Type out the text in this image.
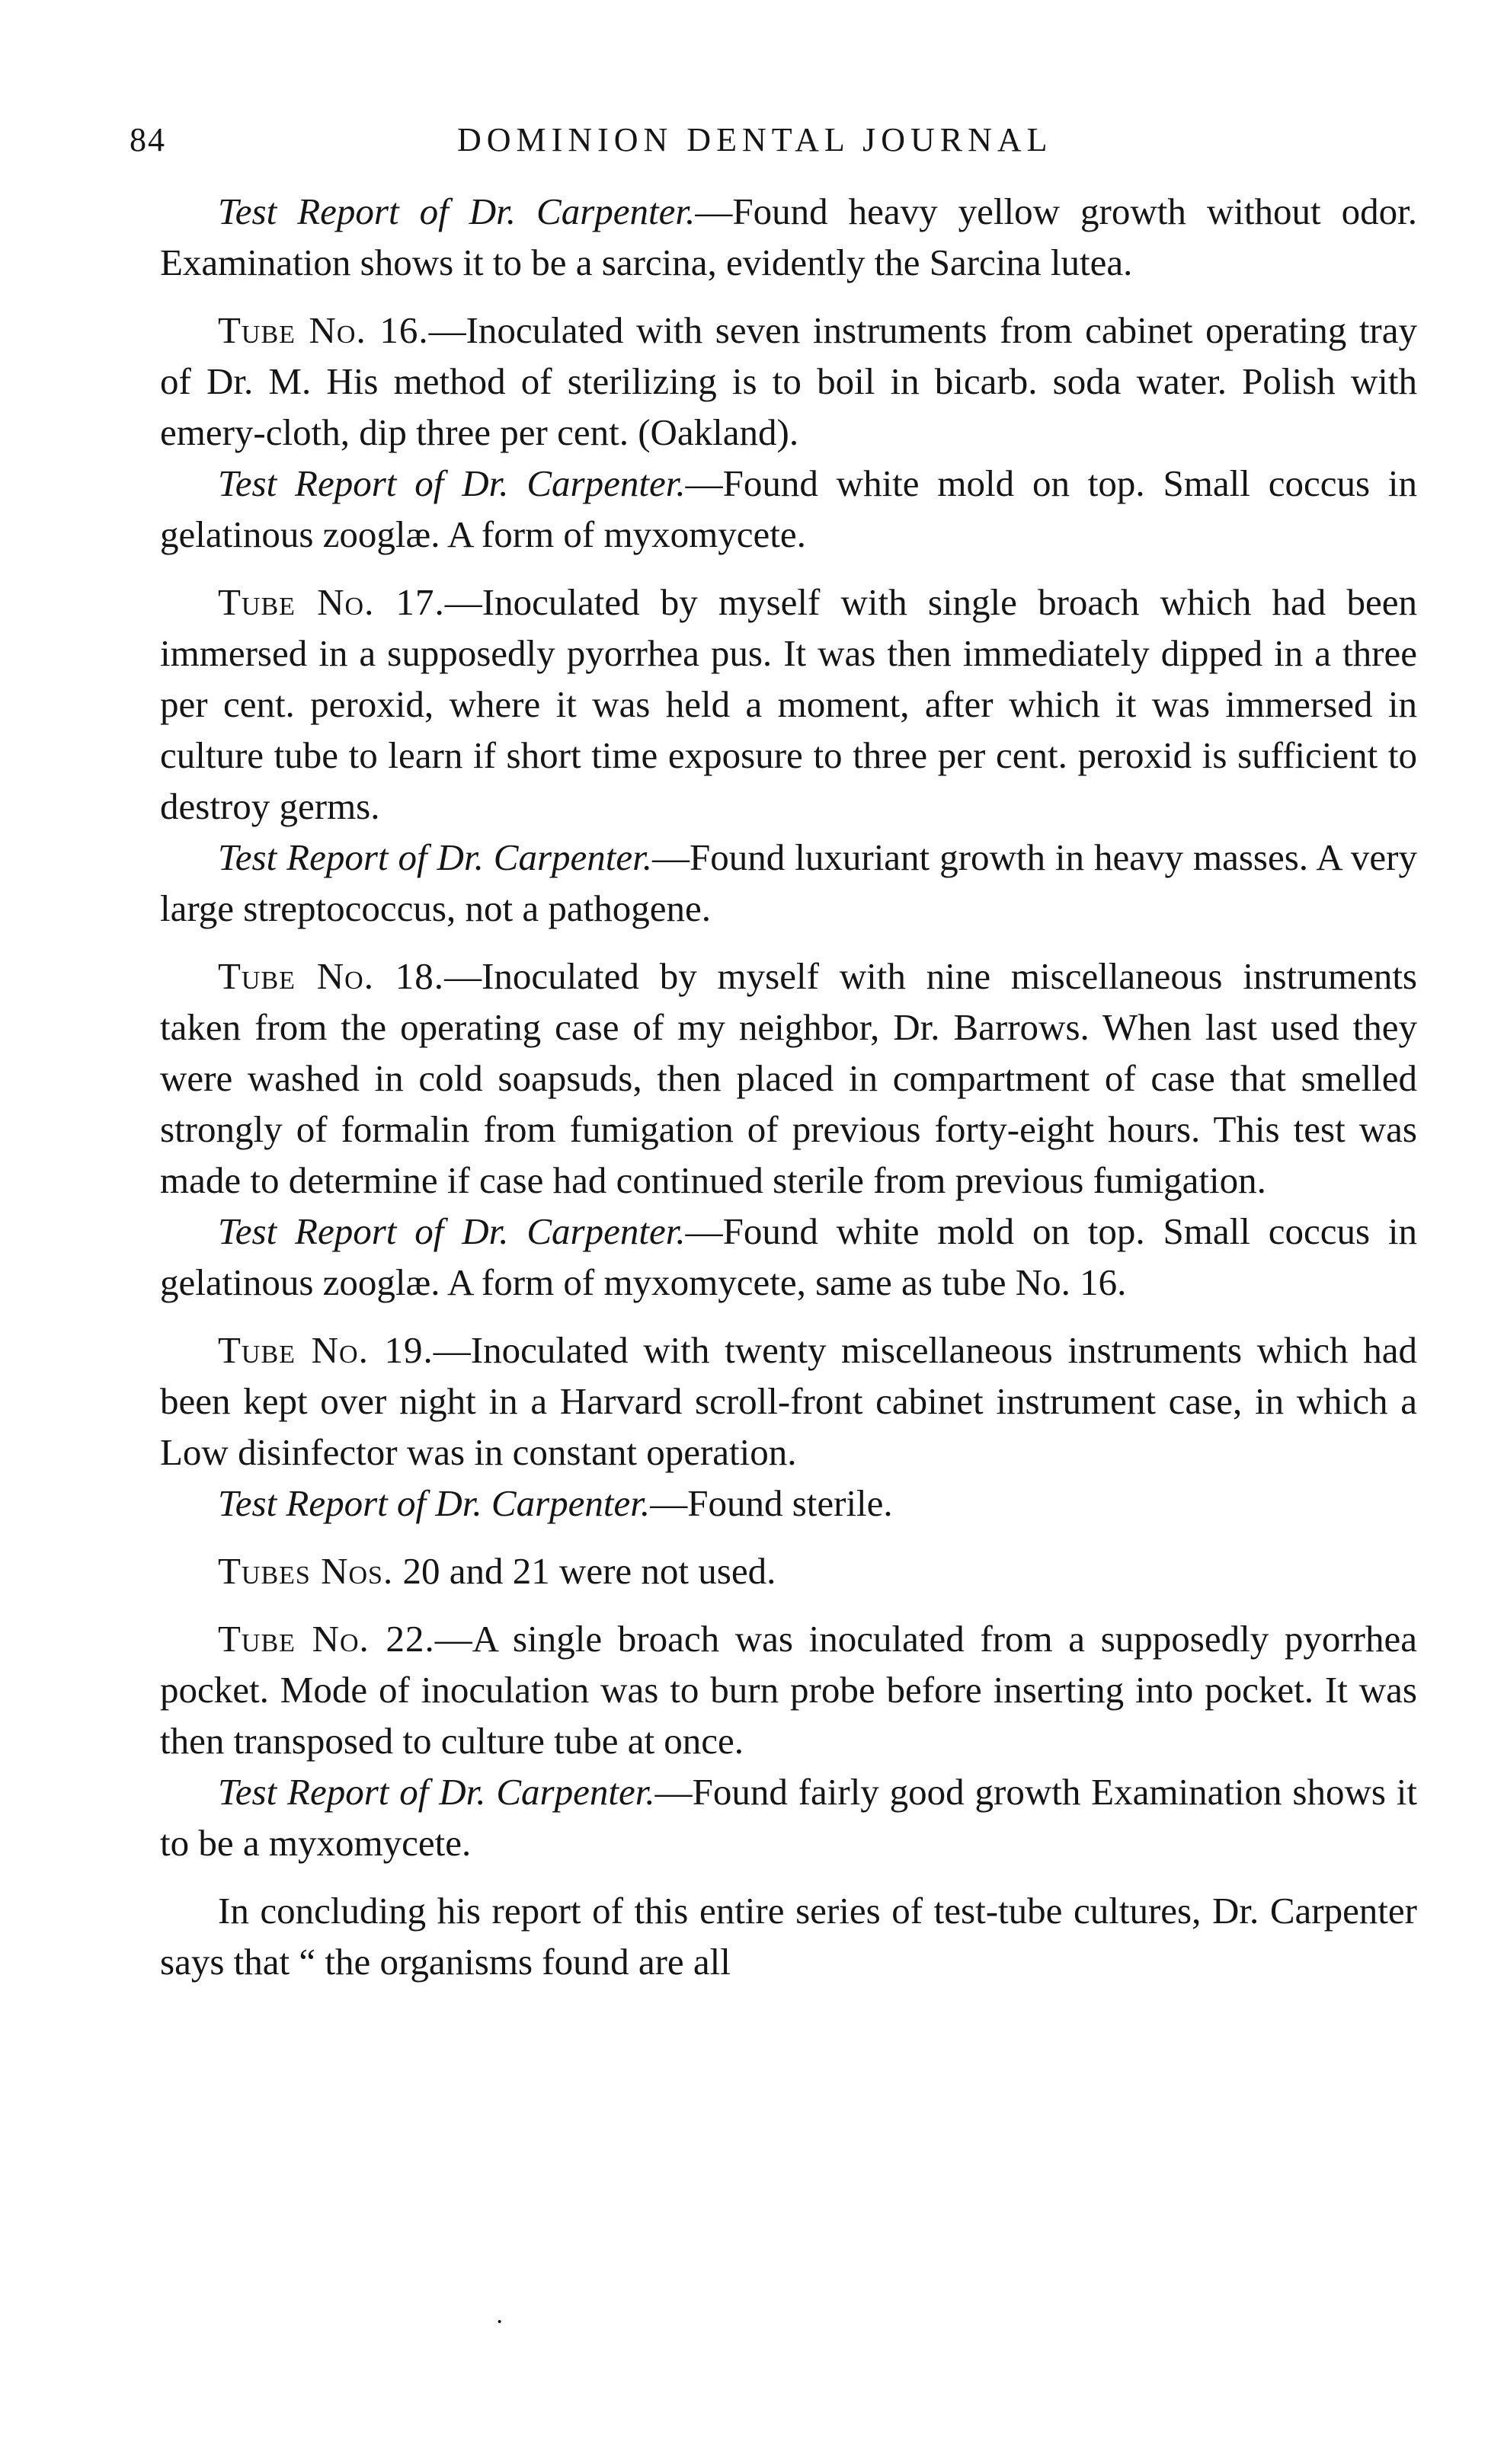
84	DOMINION DENTAL JOURNAL

Test Report of Dr. Carpenter.—Found heavy yellow growth without odor. Examination shows it to be a sarcina, evidently the Sarcina lutea.

Tube No. 16.—Inoculated with seven instruments from cabinet operating tray of Dr. M. His method of sterilizing is to boil in bicarb. soda water. Polish with emery-cloth, dip three per cent. (Oakland).

Test Report of Dr. Carpenter.—Found white mold on top. Small coccus in gelatinous zooglæ. A form of myxomycete.

Tube No. 17.—Inoculated by myself with single broach which had been immersed in a supposedly pyorrhea pus. It was then immediately dipped in a three per cent. peroxid, where it was held a moment, after which it was immersed in culture tube to learn if short time exposure to three per cent. peroxid is sufficient to destroy germs.

Test Report of Dr. Carpenter.—Found luxuriant growth in heavy masses. A very large streptococcus, not a pathogene.

Tube No. 18.—Inoculated by myself with nine miscellaneous instruments taken from the operating case of my neighbor, Dr. Barrows. When last used they were washed in cold soapsuds, then placed in compartment of case that smelled strongly of formalin from fumigation of previous forty-eight hours. This test was made to determine if case had continued sterile from previous fumigation.

Test Report of Dr. Carpenter.—Found white mold on top. Small coccus in gelatinous zooglæ. A form of myxomycete, same as tube No. 16.

Tube No. 19.—Inoculated with twenty miscellaneous instruments which had been kept over night in a Harvard scroll-front cabinet instrument case, in which a Low disinfector was in constant operation.

Test Report of Dr. Carpenter.—Found sterile.

Tubes Nos. 20 and 21 were not used.

Tube No. 22.—A single broach was inoculated from a supposedly pyorrhea pocket. Mode of inoculation was to burn probe before inserting into pocket. It was then transposed to culture tube at once.

Test Report of Dr. Carpenter.—Found fairly good growth Examination shows it to be a myxomycete.

In concluding his report of this entire series of test-tube cultures, Dr. Carpenter says that “ the organisms found are all

·
